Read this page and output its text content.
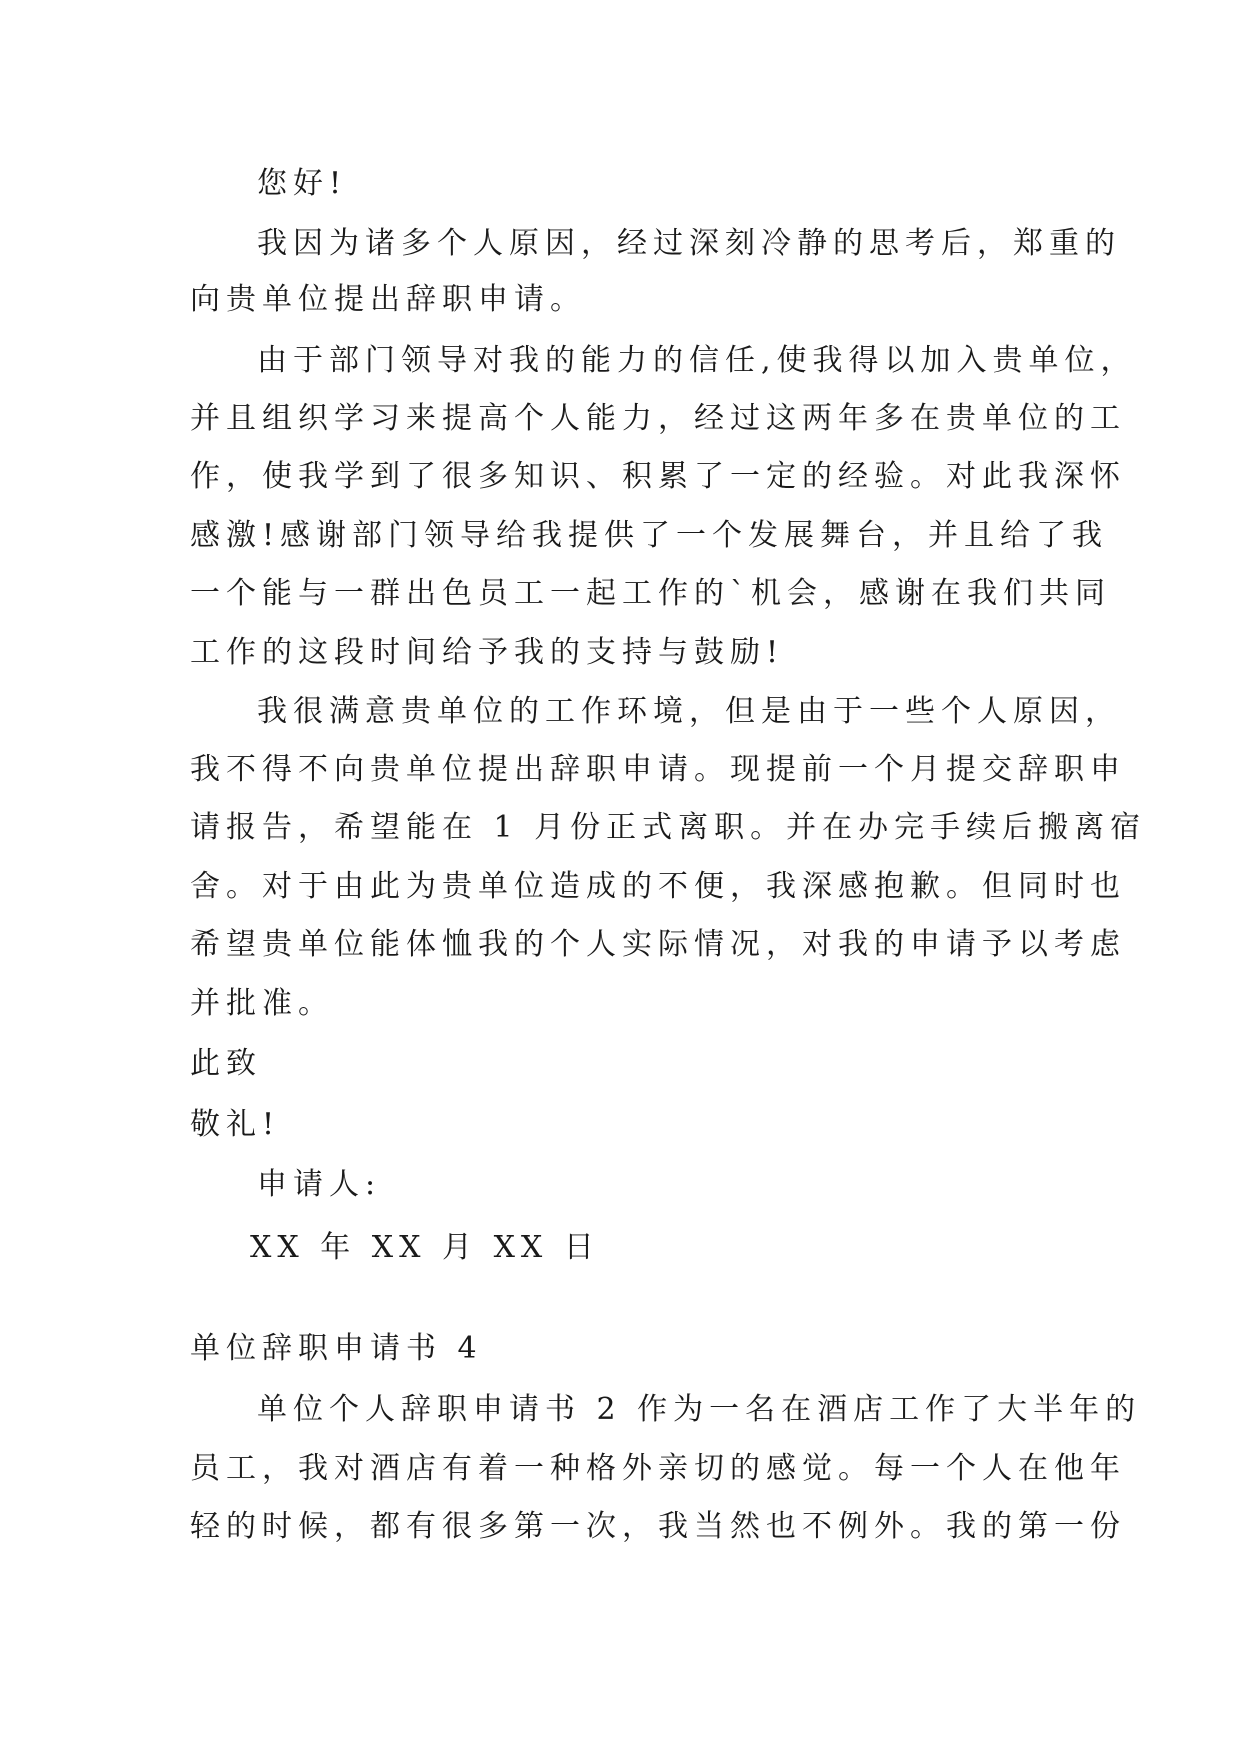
您好!
我因为诸多个人原因，经过深刻冷静的思考后，郑重的
向贵单位提出辞职申请。
由于部门领导对我的能力的信任,使我得以加入贵单位，
并且组织学习来提高个人能力，经过这两年多在贵单位的工
作，使我学到了很多知识、积累了一定的经验。对此我深怀
感激!感谢部门领导给我提供了一个发展舞台，并且给了我
一个能与一群出色员工一起工作的`机会，感谢在我们共同
工作的这段时间给予我的支持与鼓励!
我很满意贵单位的工作环境，但是由于一些个人原因，
我不得不向贵单位提出辞职申请。现提前一个月提交辞职申
请报告，希望能在 1 月份正式离职。并在办完手续后搬离宿
舍。对于由此为贵单位造成的不便，我深感抱歉。但同时也
希望贵单位能体恤我的个人实际情况，对我的申请予以考虑
并批准。
此致
敬礼!
申请人:
XX 年 XX 月 XX 日
单位辞职申请书 4
单位个人辞职申请书 2 作为一名在酒店工作了大半年的
员工，我对酒店有着一种格外亲切的感觉。每一个人在他年
轻的时候，都有很多第一次，我当然也不例外。我的第一份
